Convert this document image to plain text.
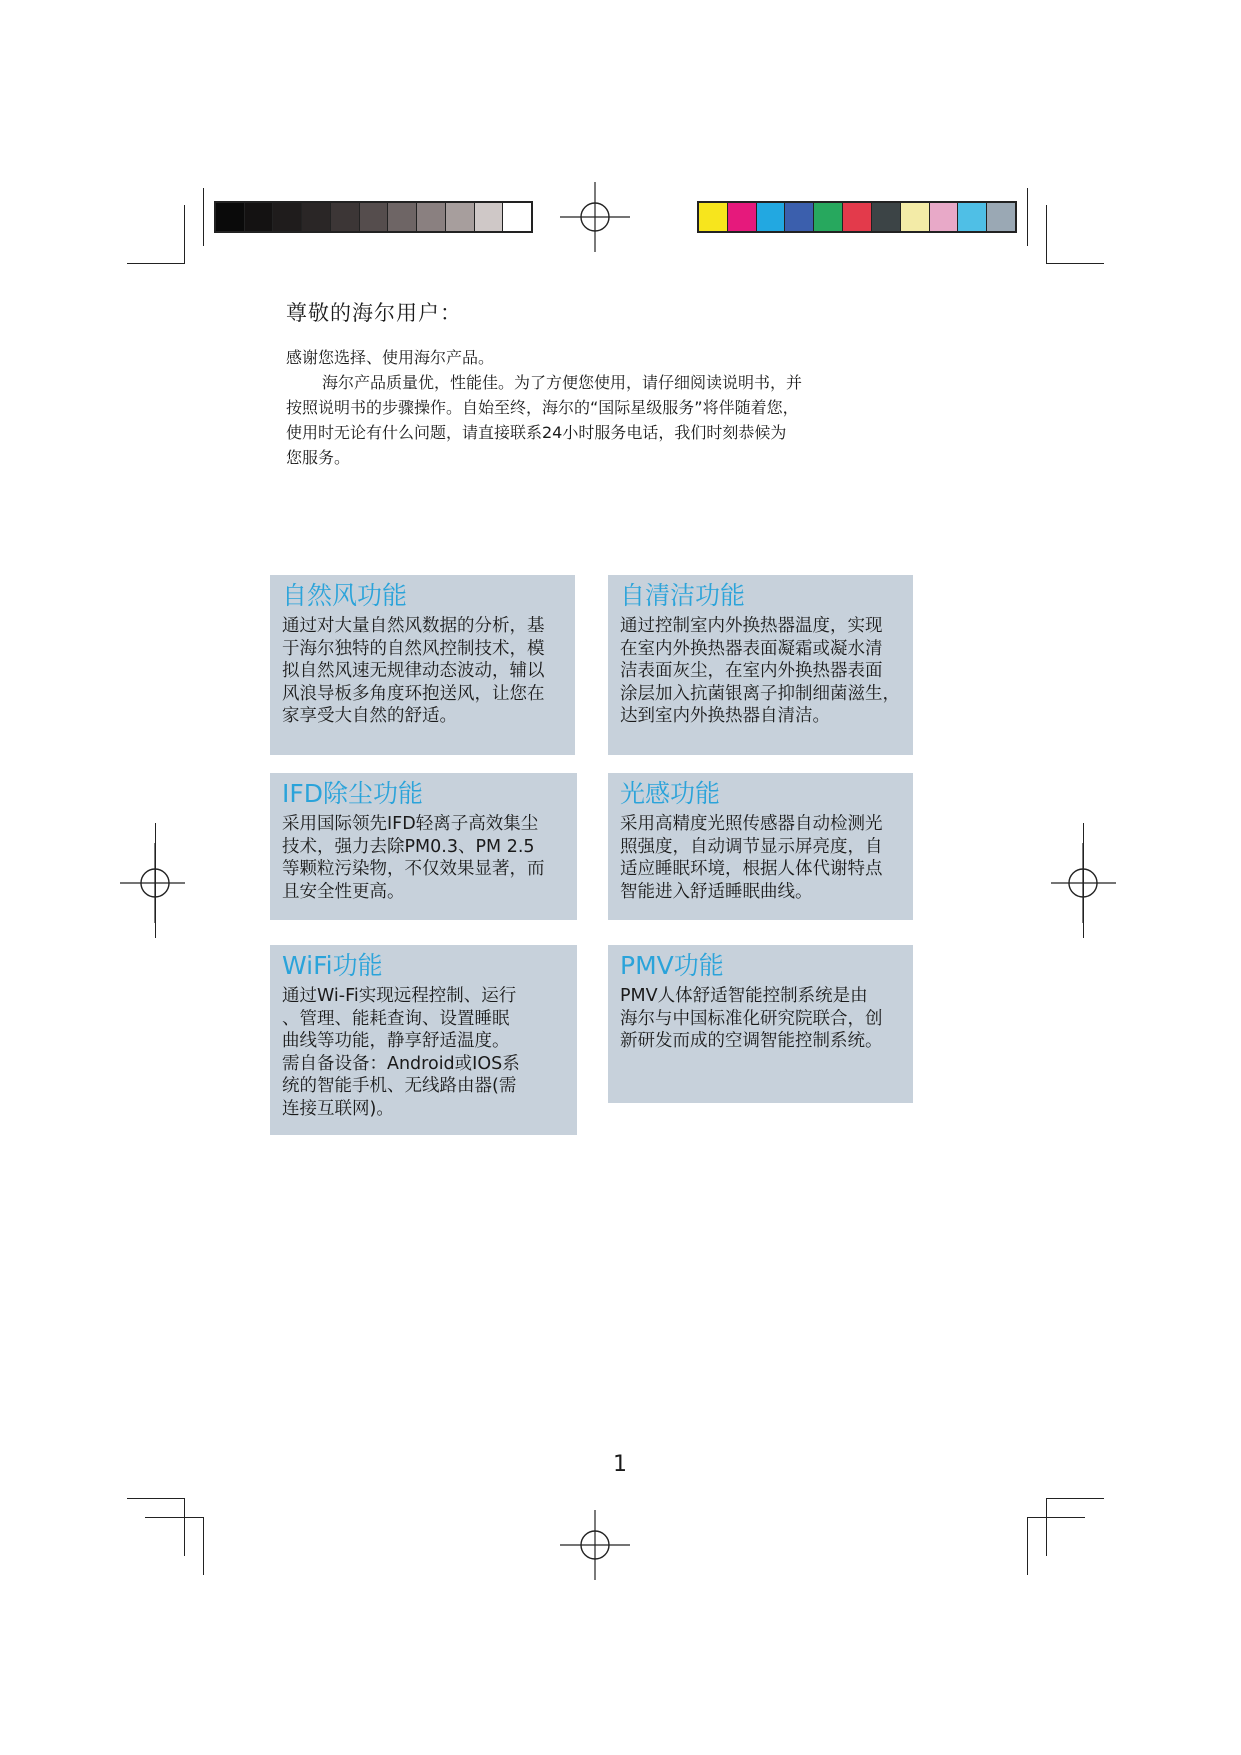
尊敬的海尔用户：

感谢您选择、使用海尔产品。

海尔产品质量优，性能佳。为了方便您使用，请仔细阅读说明书，并

按照说明书的步骤操作。自始至终，海尔的“国际星级服务”将伴随着您，

使用时无论有什么问题，请直接联系24小时服务电话，我们时刻恭候为

您服务。

自然风功能
通过对大量自然风数据的分析，基
于海尔独特的自然风控制技术，模
拟自然风速无规律动态波动，辅以
风浪导板多角度环抱送风，让您在
家享受大自然的舒适。
自清洁功能
通过控制室内外换热器温度，实现
在室内外换热器表面凝霜或凝水清
洁表面灰尘，在室内外换热器表面
涂层加入抗菌银离子抑制细菌滋生，
达到室内外换热器自清洁。
IFD除尘功能
采用国际领先IFD轻离子高效集尘
技术，强力去除PM0.3、PM 2.5
等颗粒污染物，不仅效果显著，而
且安全性更高。
光感功能
采用高精度光照传感器自动检测光
照强度，自动调节显示屏亮度，自
适应睡眠环境，根据人体代谢特点
智能进入舒适睡眠曲线。
WiFi功能
通过Wi-Fi实现远程控制、运行
、管理、能耗查询、设置睡眠
曲线等功能，静享舒适温度。
需自备设备：Android或IOS系
统的智能手机、无线路由器(需
连接互联网)。
PMV功能
PMV人体舒适智能控制系统是由
海尔与中国标准化研究院联合，创
新研发而成的空调智能控制系统。
1
